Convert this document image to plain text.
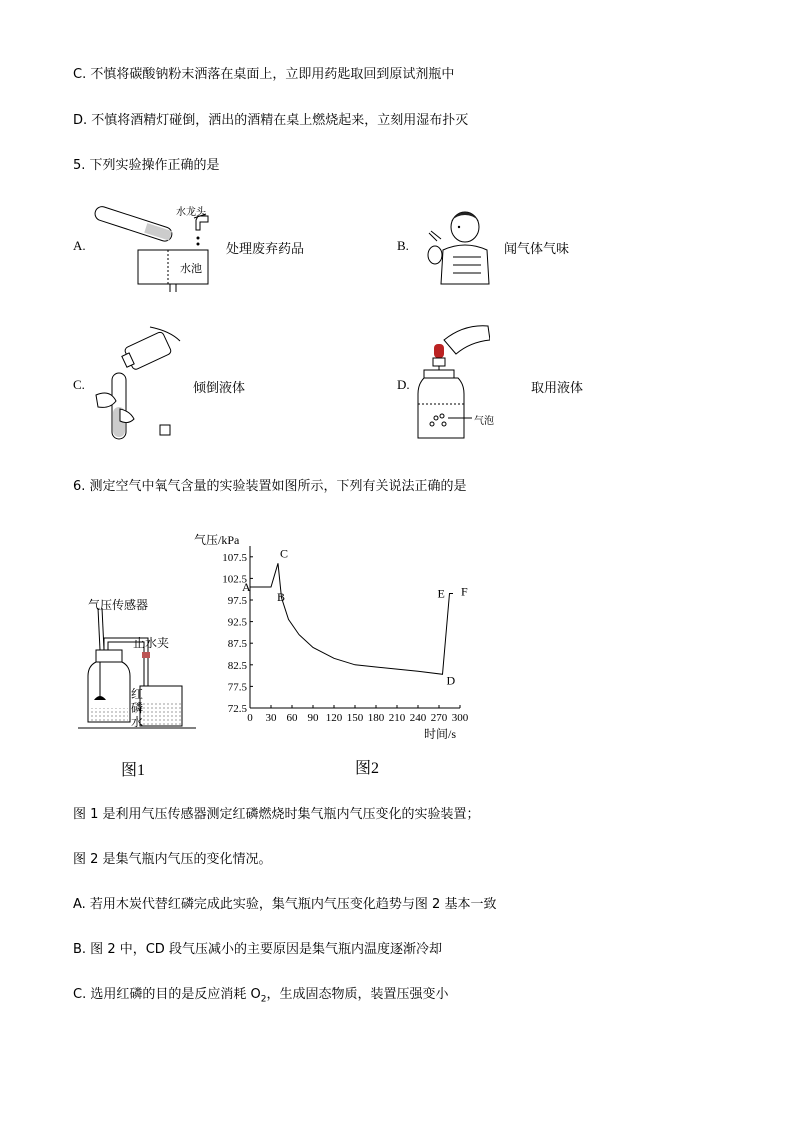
C. 不慎将碳酸钠粉末洒落在桌面上，立即用药匙取回到原试剂瓶中
D. 不慎将酒精灯碰倒，洒出的酒精在桌上燃烧起来，立刻用湿布扑灭
5. 下列实验操作正确的是
A.
水龙头
水池
处理废弃药品	B.	闻气体气味
C.	倾倒液体	D.
气泡
取用液体
6. 测定空气中氧气含量的实验装置如图所示，下列有关说法正确的是
气压传感器
止水夹
红
磷
水
图1
气压/kPa
时间/s
0 30 60 90 120 150 180 210 240 270 300
72.5
77.5
82.5
87.5
92.5
97.5
102.5
107.5
A
B
C
D
E F
图2
图 1 是利用气压传感器测定红磷燃烧时集气瓶内气压变化的实验装置；
图 2 是集气瓶内气压的变化情况。
A. 若用木炭代替红磷完成此实验，集气瓶内气压变化趋势与图 2 基本一致
B. 图 2 中，CD 段气压减小的主要原因是集气瓶内温度逐渐冷却
C. 选用红磷的目的是反应消耗 $O_2$，生成固态物质，装置压强变小
